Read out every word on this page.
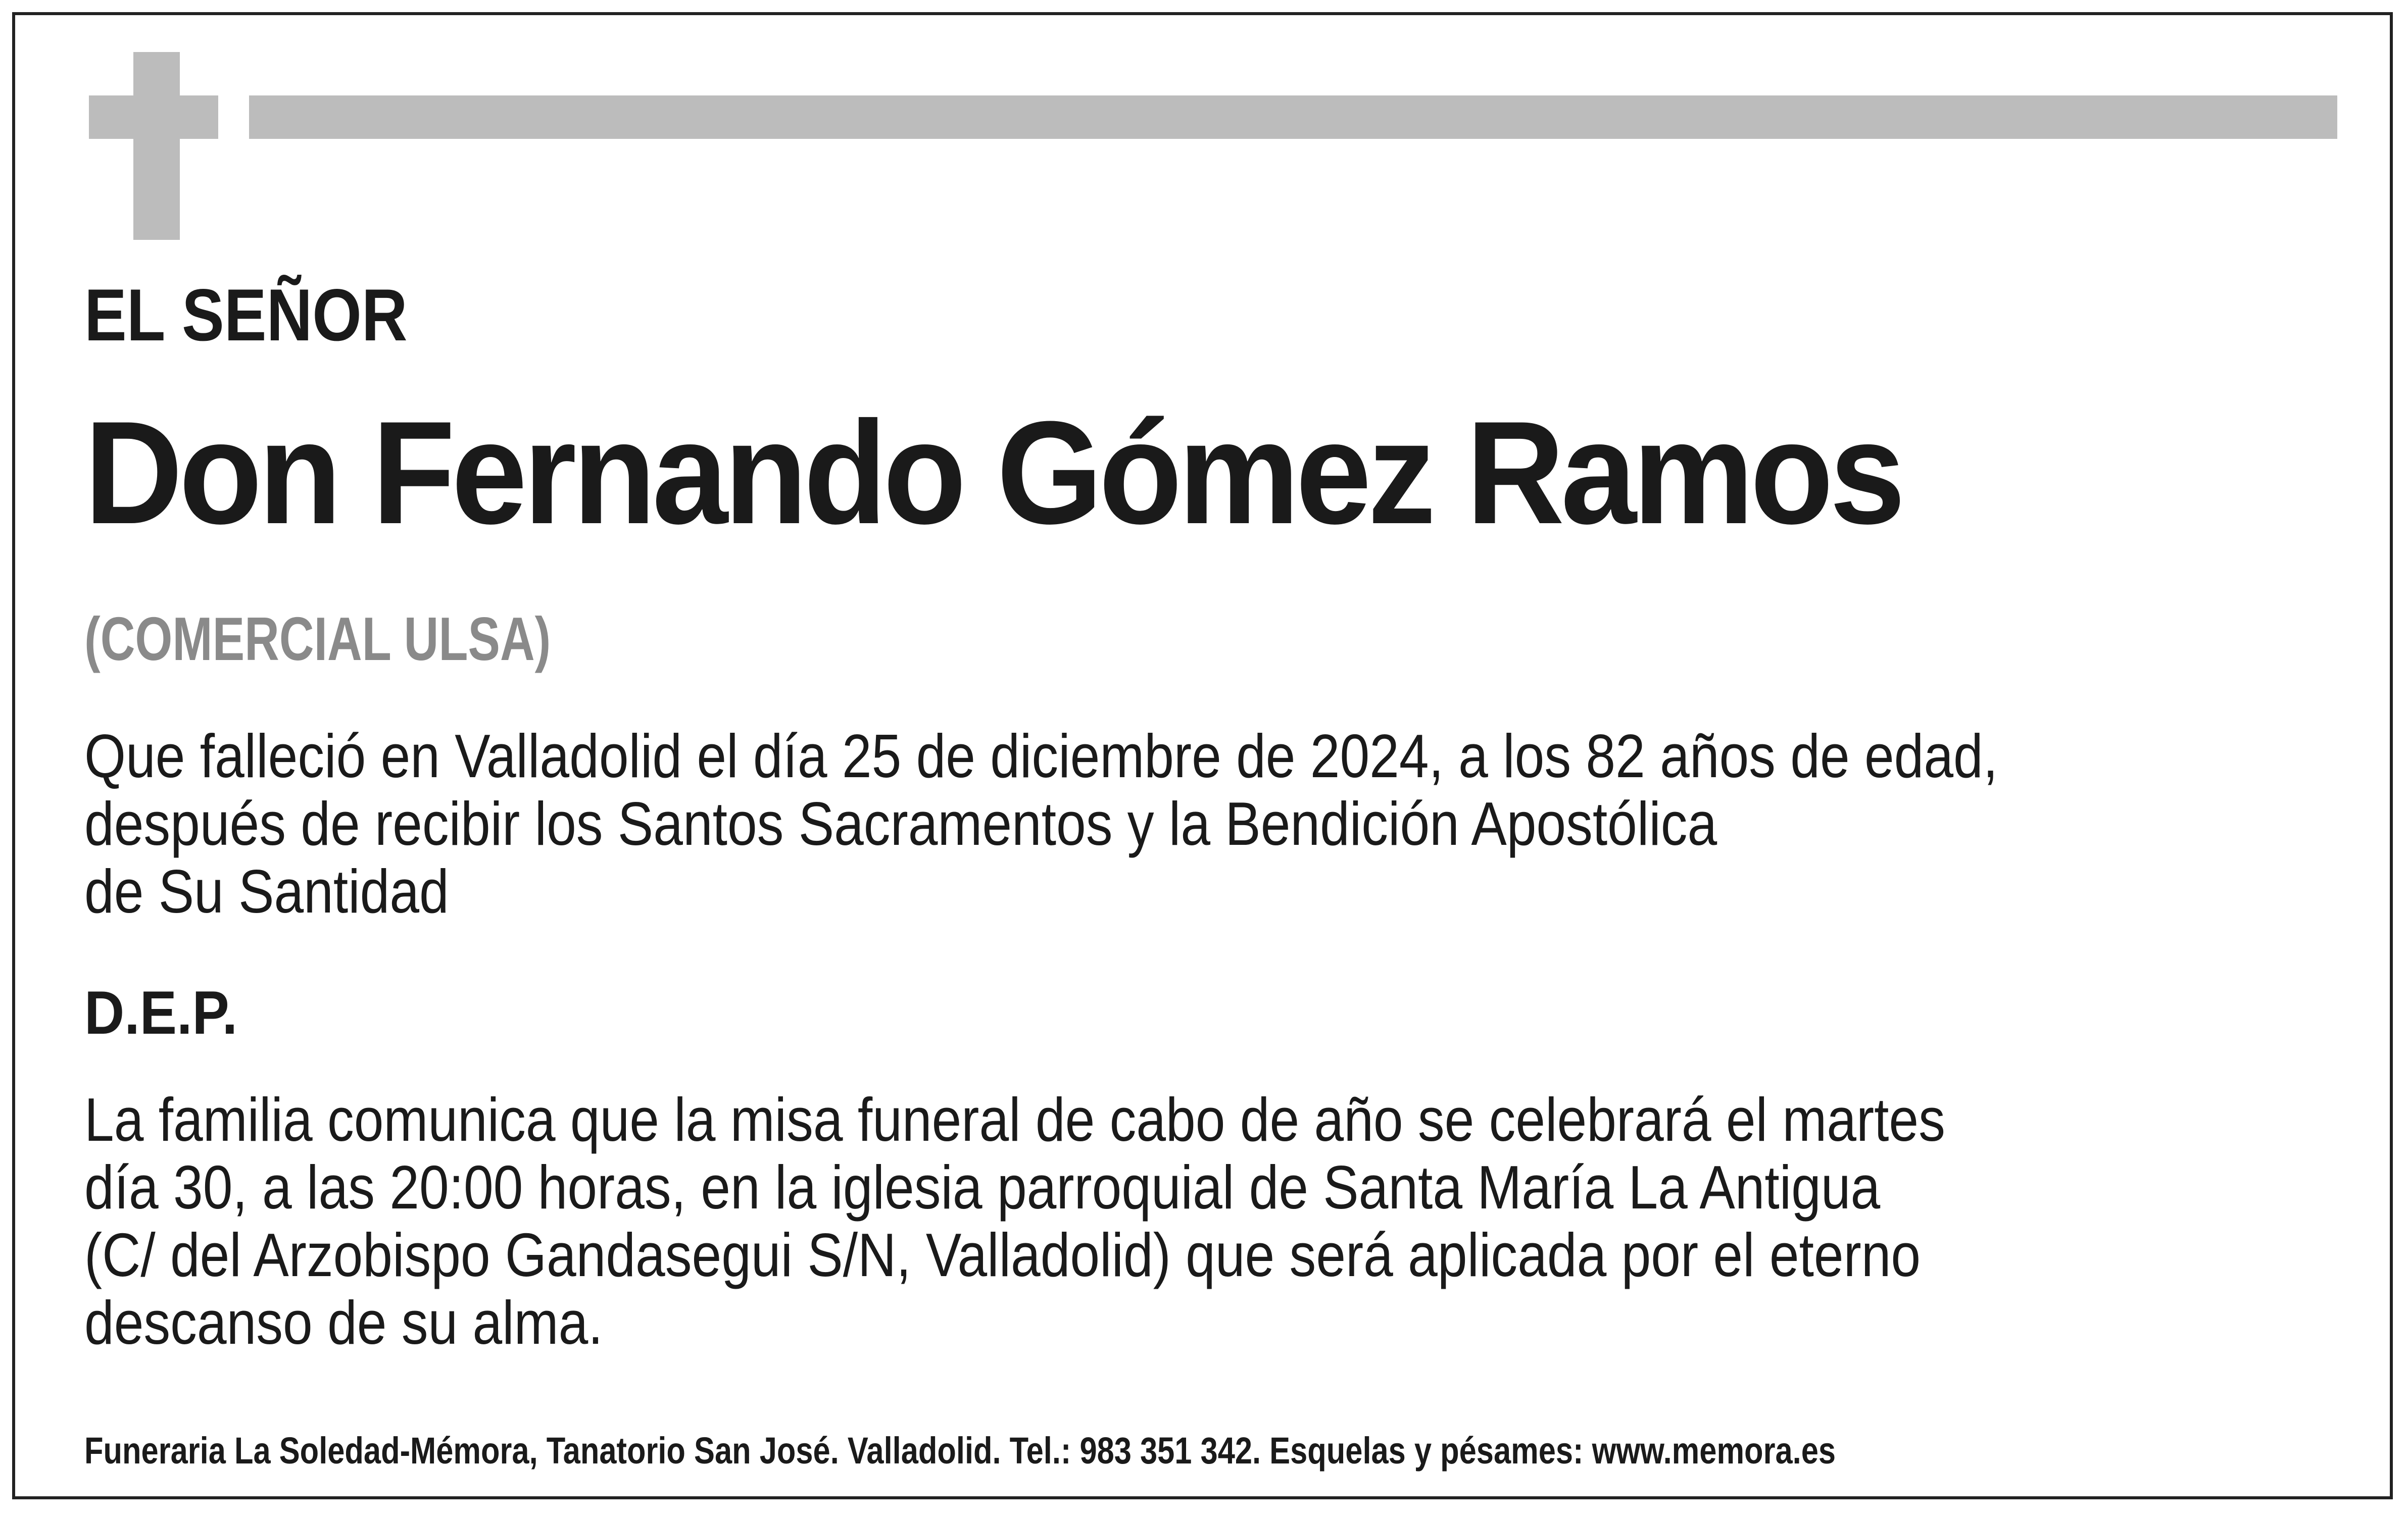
EL SEÑOR
Don Fernando Gómez Ramos
(COMERCIAL ULSA)
Que falleció en Valladolid el día 25 de diciembre de 2024, a los 82 años de edad,
después de recibir los Santos Sacramentos y la Bendición Apostólica
de Su Santidad
D.E.P.
La familia comunica que la misa funeral de cabo de año se celebrará el martes
día 30, a las 20:00 horas, en la iglesia parroquial de Santa María La Antigua
(C/ del Arzobispo Gandasegui S/N, Valladolid) que será aplicada por el eterno
descanso de su alma.
Funeraria La Soledad-Mémora, Tanatorio San José. Valladolid. Tel.: 983 351 342. Esquelas y pésames: www.memora.es
